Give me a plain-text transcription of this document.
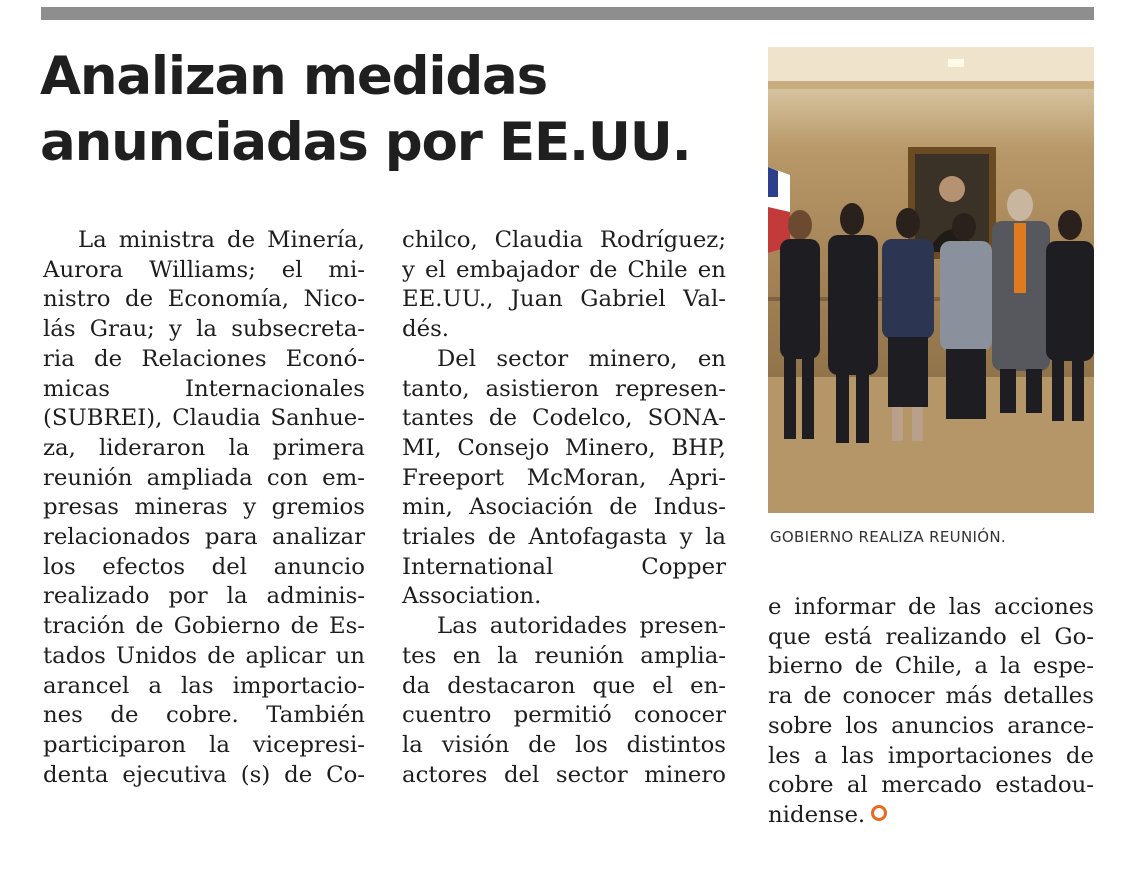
Analizan medidas
anunciadas por EE.UU.
La ministra de Minería,
Aurora Williams; el mi-
nistro de Economía, Nico-
lás Grau; y la subsecreta-
ria de Relaciones Econó-
micas Internacionales
(SUBREI), Claudia Sanhue-
za, lideraron la primera
reunión ampliada con em-
presas mineras y gremios
relacionados para analizar
los efectos del anuncio
realizado por la adminis-
tración de Gobierno de Es-
tados Unidos de aplicar un
arancel a las importacio-
nes de cobre. También
participaron la vicepresi-
denta ejecutiva (s) de Co-
chilco, Claudia Rodríguez;
y el embajador de Chile en
EE.UU., Juan Gabriel Val-
dés.
Del sector minero, en
tanto, asistieron represen-
tantes de Codelco, SONA-
MI, Consejo Minero, BHP,
Freeport McMoran, Apri-
min, Asociación de Indus-
triales de Antofagasta y la
International Copper
Association.
Las autoridades presen-
tes en la reunión amplia-
da destacaron que el en-
cuentro permitió conocer
la visión de los distintos
actores del sector minero

GOBIERNO REALIZA REUNIÓN.

e informar de las acciones
que está realizando el Go-
bierno de Chile, a la espe-
ra de conocer más detalles
sobre los anuncios arance-
les a las importaciones de
cobre al mercado estadou-
nidense.
